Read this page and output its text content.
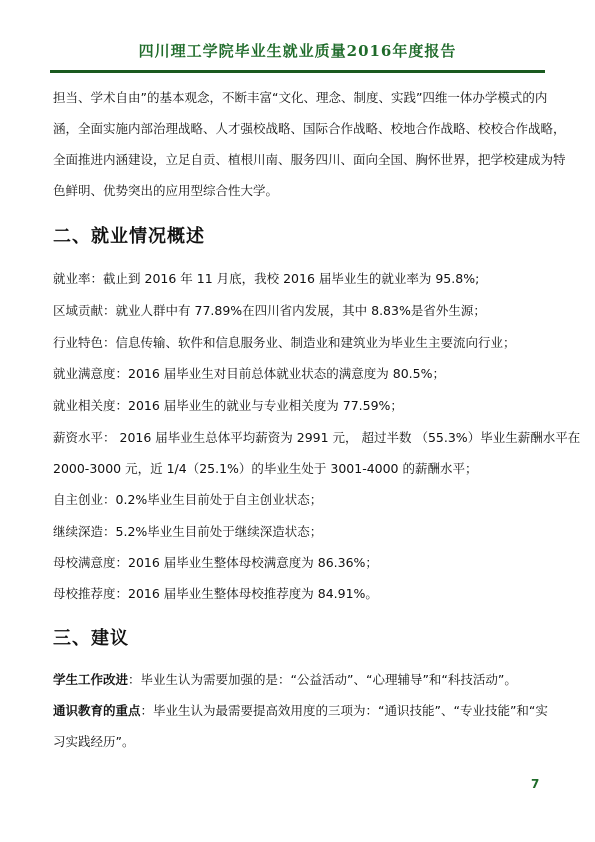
四川理工学院毕业生就业质量2016年度报告
担当、学术自由”的基本观念，不断丰富“文化、理念、制度、实践”四维一体办学模式的内
涵，全面实施内部治理战略、人才强校战略、国际合作战略、校地合作战略、校校合作战略，
全面推进内涵建设，立足自贡、植根川南、服务四川、面向全国、胸怀世界，把学校建成为特
色鲜明、优势突出的应用型综合性大学。
二、就业情况概述
就业率：截止到 2016 年 11 月底，我校 2016 届毕业生的就业率为 95.8%;
区域贡献：就业人群中有 77.89%在四川省内发展，其中 8.83%是省外生源；
行业特色：信息传输、软件和信息服务业、制造业和建筑业为毕业生主要流向行业；
就业满意度：2016 届毕业生对目前总体就业状态的满意度为 80.5%；
就业相关度：2016 届毕业生的就业与专业相关度为 77.59%；
薪资水平： 2016 届毕业生总体平均薪资为 2991 元， 超过半数 （55.3%）毕业生薪酬水平在
2000-3000 元，近 1/4（25.1%）的毕业生处于 3001-4000 的薪酬水平；
自主创业：0.2%毕业生目前处于自主创业状态；
继续深造：5.2%毕业生目前处于继续深造状态；
母校满意度：2016 届毕业生整体母校满意度为 86.36%；
母校推荐度：2016 届毕业生整体母校推荐度为 84.91%。
三、建议
学生工作改进：毕业生认为需要加强的是：“公益活动”、“心理辅导”和“科技活动”。
通识教育的重点：毕业生认为最需要提高效用度的三项为：“通识技能”、“专业技能”和“实
习实践经历”。
7
